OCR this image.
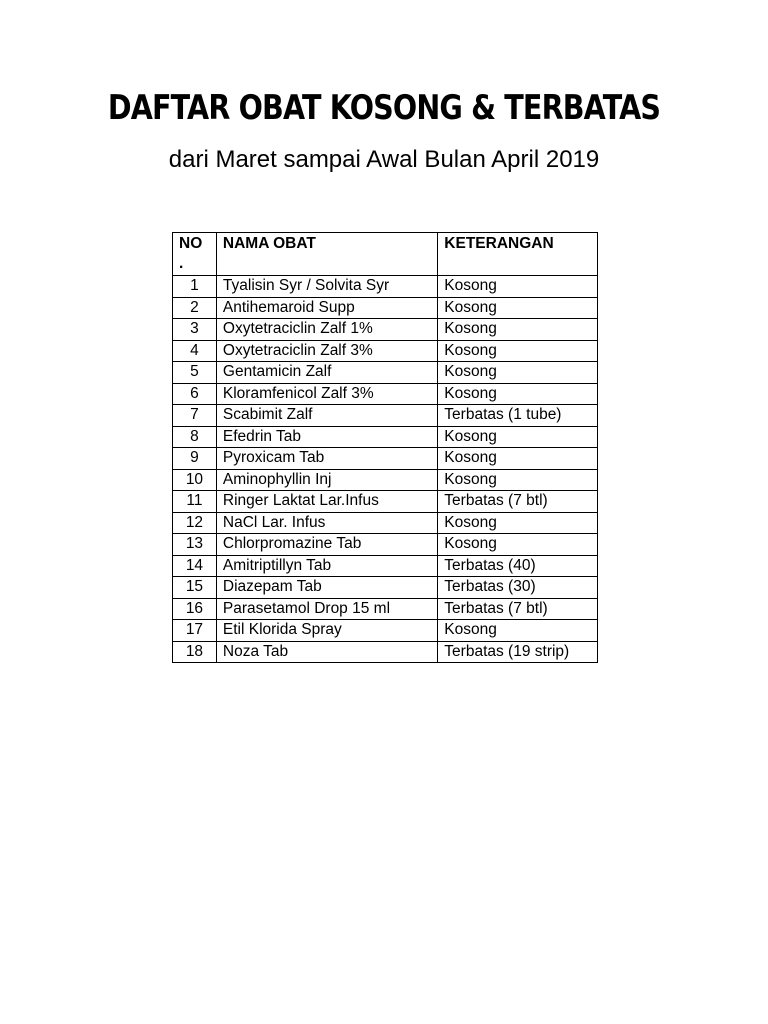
DAFTAR OBAT KOSONG & TERBATAS
dari Maret sampai Awal Bulan April 2019
NO .	NAMA OBAT	KETERANGAN
1	Tyalisin Syr / Solvita Syr	Kosong
2	Antihemaroid Supp	Kosong
3	Oxytetraciclin Zalf 1%	Kosong
4	Oxytetraciclin Zalf 3%	Kosong
5	Gentamicin Zalf	Kosong
6	Kloramfenicol Zalf 3%	Kosong
7	Scabimit Zalf	Terbatas (1 tube)
8	Efedrin Tab	Kosong
9	Pyroxicam Tab	Kosong
10	Aminophyllin Inj	Kosong
11	Ringer Laktat Lar.Infus	Terbatas (7 btl)
12	NaCl Lar. Infus	Kosong
13	Chlorpromazine Tab	Kosong
14	Amitriptillyn Tab	Terbatas (40)
15	Diazepam Tab	Terbatas (30)
16	Parasetamol Drop 15 ml	Terbatas (7 btl)
17	Etil Klorida Spray	Kosong
18	Noza Tab	Terbatas (19 strip)
